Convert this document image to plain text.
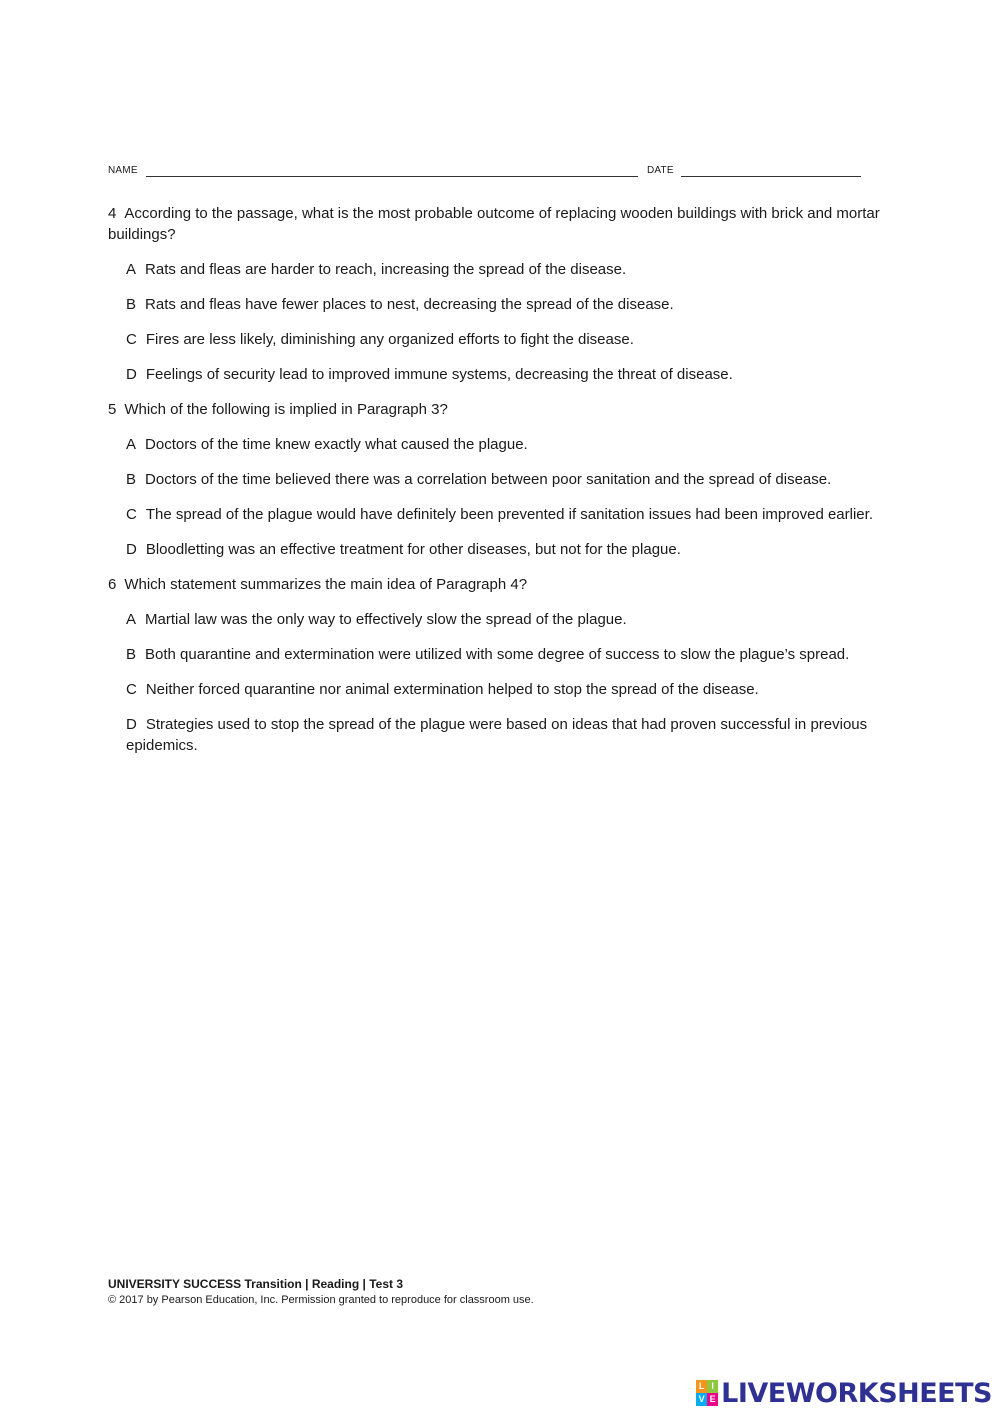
NAME	DATE

4 According to the passage, what is the most probable outcome of replacing wooden buildings with brick and mortar buildings?

A Rats and fleas are harder to reach, increasing the spread of the disease.

B Rats and fleas have fewer places to nest, decreasing the spread of the disease.

C Fires are less likely, diminishing any organized efforts to fight the disease.

D Feelings of security lead to improved immune systems, decreasing the threat of disease.

5 Which of the following is implied in Paragraph 3?

A Doctors of the time knew exactly what caused the plague.

B Doctors of the time believed there was a correlation between poor sanitation and the spread of disease.

C The spread of the plague would have definitely been prevented if sanitation issues had been improved earlier.

D Bloodletting was an effective treatment for other diseases, but not for the plague.

6 Which statement summarizes the main idea of Paragraph 4?

A Martial law was the only way to effectively slow the spread of the plague.

B Both quarantine and extermination were utilized with some degree of success to slow the plague’s spread.

C Neither forced quarantine nor animal extermination helped to stop the spread of the disease.

D Strategies used to stop the spread of the plague were based on ideas that had proven successful in previous epidemics.

UNIVERSITY SUCCESS Transition | Reading | Test 3
© 2017 by Pearson Education, Inc. Permission granted to reproduce for classroom use.
L I
V E LIVEWORKSHEETS
